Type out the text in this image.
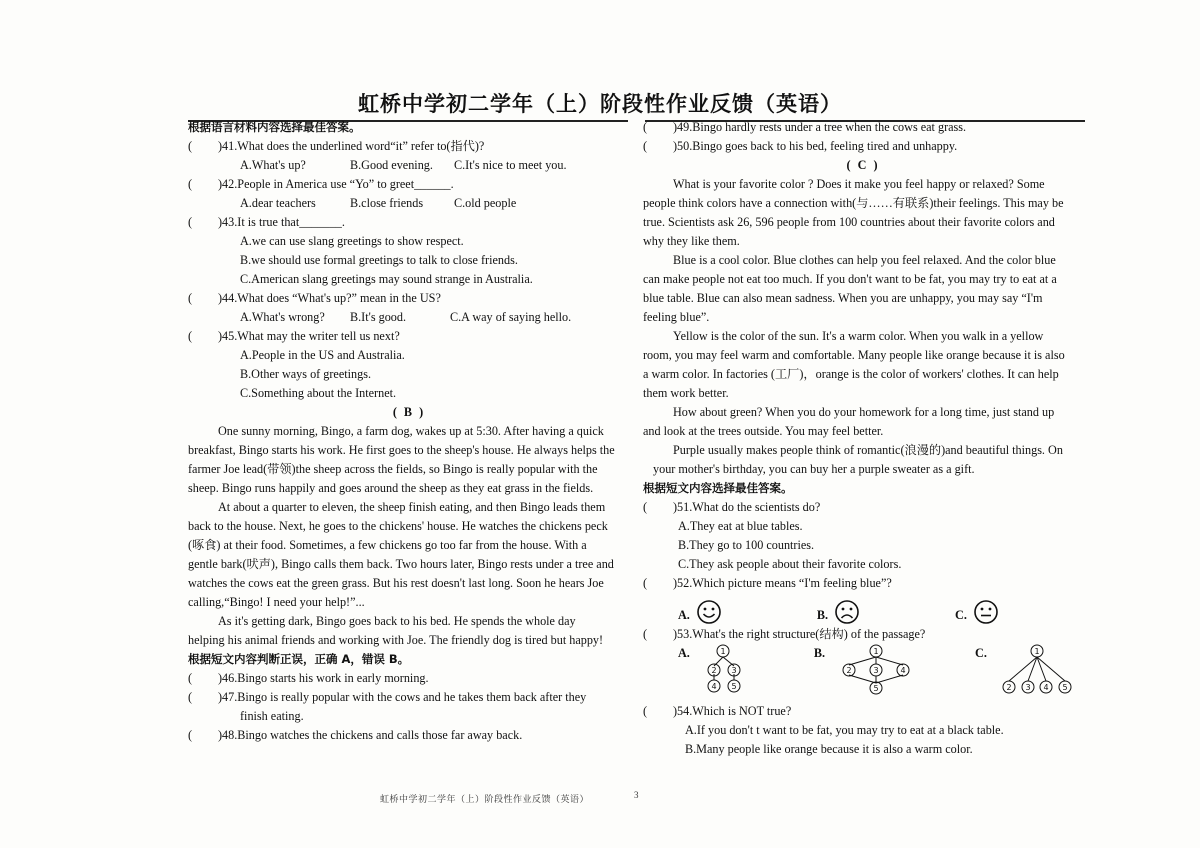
虹桥中学初二学年（上）阶段性作业反馈（英语）
根据语言材料内容选择最佳答案。
(	)41.What does the underlined word“it” refer to(指代)?
A.What's up?	B.Good evening.	C.It's nice to meet you.
(	)42.People in America use “Yo” to greet______.
A.dear teachers	B.close friends	C.old people
(	)43.It is true that_______.
A.we can use slang greetings to show respect.
B.we should use formal greetings to talk to close friends.
C.American slang greetings may sound strange in Australia.
(	)44.What does “What's up?” mean in the US?
A.What's wrong?	B.It's good.	C.A way of saying hello.
(	)45.What may the writer tell us next?
A.People in the US and Australia.
B.Other ways of greetings.
C.Something about the Internet.
( B )
One sunny morning, Bingo, a farm dog, wakes up at 5:30. After having a quick
breakfast, Bingo starts his work. He first goes to the sheep's house. He always helps the
farmer Joe lead(带领)the sheep across the fields, so Bingo is really popular with the
sheep. Bingo runs happily and goes around the sheep as they eat grass in the fields.
At about a quarter to eleven, the sheep finish eating, and then Bingo leads them
back to the house. Next, he goes to the chickens' house. He watches the chickens peck
(啄食) at their food. Sometimes, a few chickens go too far from the house. With a
gentle bark(吠声), Bingo calls them back. Two hours later, Bingo rests under a tree and
watches the cows eat the green grass. But his rest doesn't last long. Soon he hears Joe
calling,“Bingo! I need your help!”...
As it's getting dark, Bingo goes back to his bed. He spends the whole day
helping his animal friends and working with Joe. The friendly dog is tired but happy!
根据短文内容判断正误，正确 A，错误 B。
(	)46.Bingo starts his work in early morning.
(	)47.Bingo is really popular with the cows and he takes them back after they
finish eating.
(	)48.Bingo watches the chickens and calls those far away back.
(	)49.Bingo hardly rests under a tree when the cows eat grass.
(	)50.Bingo goes back to his bed, feeling tired and unhappy.
( C )
What is your favorite color ? Does it make you feel happy or relaxed? Some
people think colors have a connection with(与……有联系)their feelings. This may be
true. Scientists ask 26, 596 people from 100 countries about their favorite colors and
why they like them.
Blue is a cool color. Blue clothes can help you feel relaxed. And the color blue
can make people not eat too much. If you don't want to be fat, you may try to eat at a
blue table. Blue can also mean sadness. When you are unhappy, you may say “I'm
feeling blue”.
Yellow is the color of the sun. It's a warm color. When you walk in a yellow
room, you may feel warm and comfortable. Many people like orange because it is also
a warm color. In factories (工厂)，orange is the color of workers' clothes. It can help
them work better.
How about green? When you do your homework for a long time, just stand up
and look at the trees outside. You may feel better.
Purple usually makes people think of romantic(浪漫的)and beautiful things. On
your mother's birthday, you can buy her a purple sweater as a gift.
根据短文内容选择最佳答案。
(	)51.What do the scientists do?
A.They eat at blue tables.
B.They go to 100 countries.
C.They ask people about their favorite colors.
(	)52.Which picture means “I'm feeling blue”?
A.	B.	C.
(	)53.What's the right structure(结构) of the passage?
A.	1
2 3
4 5
B.	1
2	3	4
5
C.	1
2 3 4 5
(	)54.Which is NOT true?
A.If you don't t want to be fat, you may try to eat at a black table.
B.Many people like orange because it is also a warm color.
虹桥中学初二学年（上）阶段性作业反馈（英语）	3
